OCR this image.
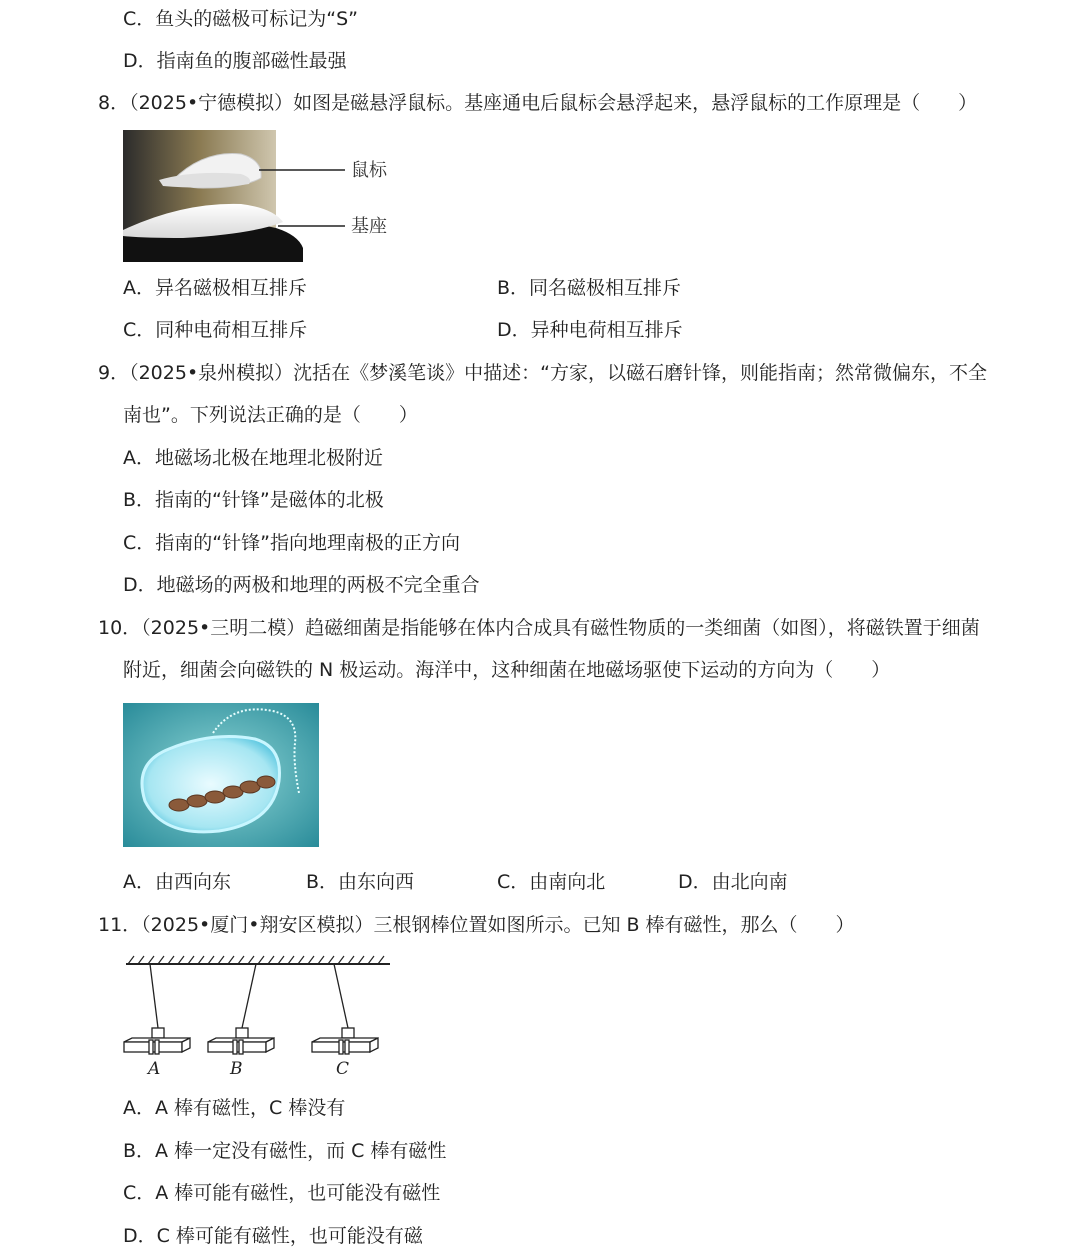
C．鱼头的磁极可标记为“S”
D．指南鱼的腹部磁性最强
8．（2025•宁德模拟）如图是磁悬浮鼠标。基座通电后鼠标会悬浮起来，悬浮鼠标的工作原理是（　　）
鼠标
基座
A．异名磁极相互排斥	B．同名磁极相互排斥
C．同种电荷相互排斥	D．异种电荷相互排斥
9．（2025•泉州模拟）沈括在《梦溪笔谈》中描述：“方家，以磁石磨针锋，则能指南；然常微偏东，不全
南也”。下列说法正确的是（　　）
A．地磁场北极在地理北极附近
B．指南的“针锋”是磁体的北极
C．指南的“针锋”指向地理南极的正方向
D．地磁场的两极和地理的两极不完全重合
10．（2025•三明二模）趋磁细菌是指能够在体内合成具有磁性物质的一类细菌（如图），将磁铁置于细菌
附近，细菌会向磁铁的 N 极运动。海洋中，这种细菌在地磁场驱使下运动的方向为（　　）
A．由西向东	B．由东向西	C．由南向北	D．由北向南
11．（2025•厦门•翔安区模拟）三根钢棒位置如图所示。已知 B 棒有磁性，那么（　　）
A	B	C
A．A 棒有磁性，C 棒没有
B．A 棒一定没有磁性，而 C 棒有磁性
C．A 棒可能有磁性，也可能没有磁性
D．C 棒可能有磁性，也可能没有磁
